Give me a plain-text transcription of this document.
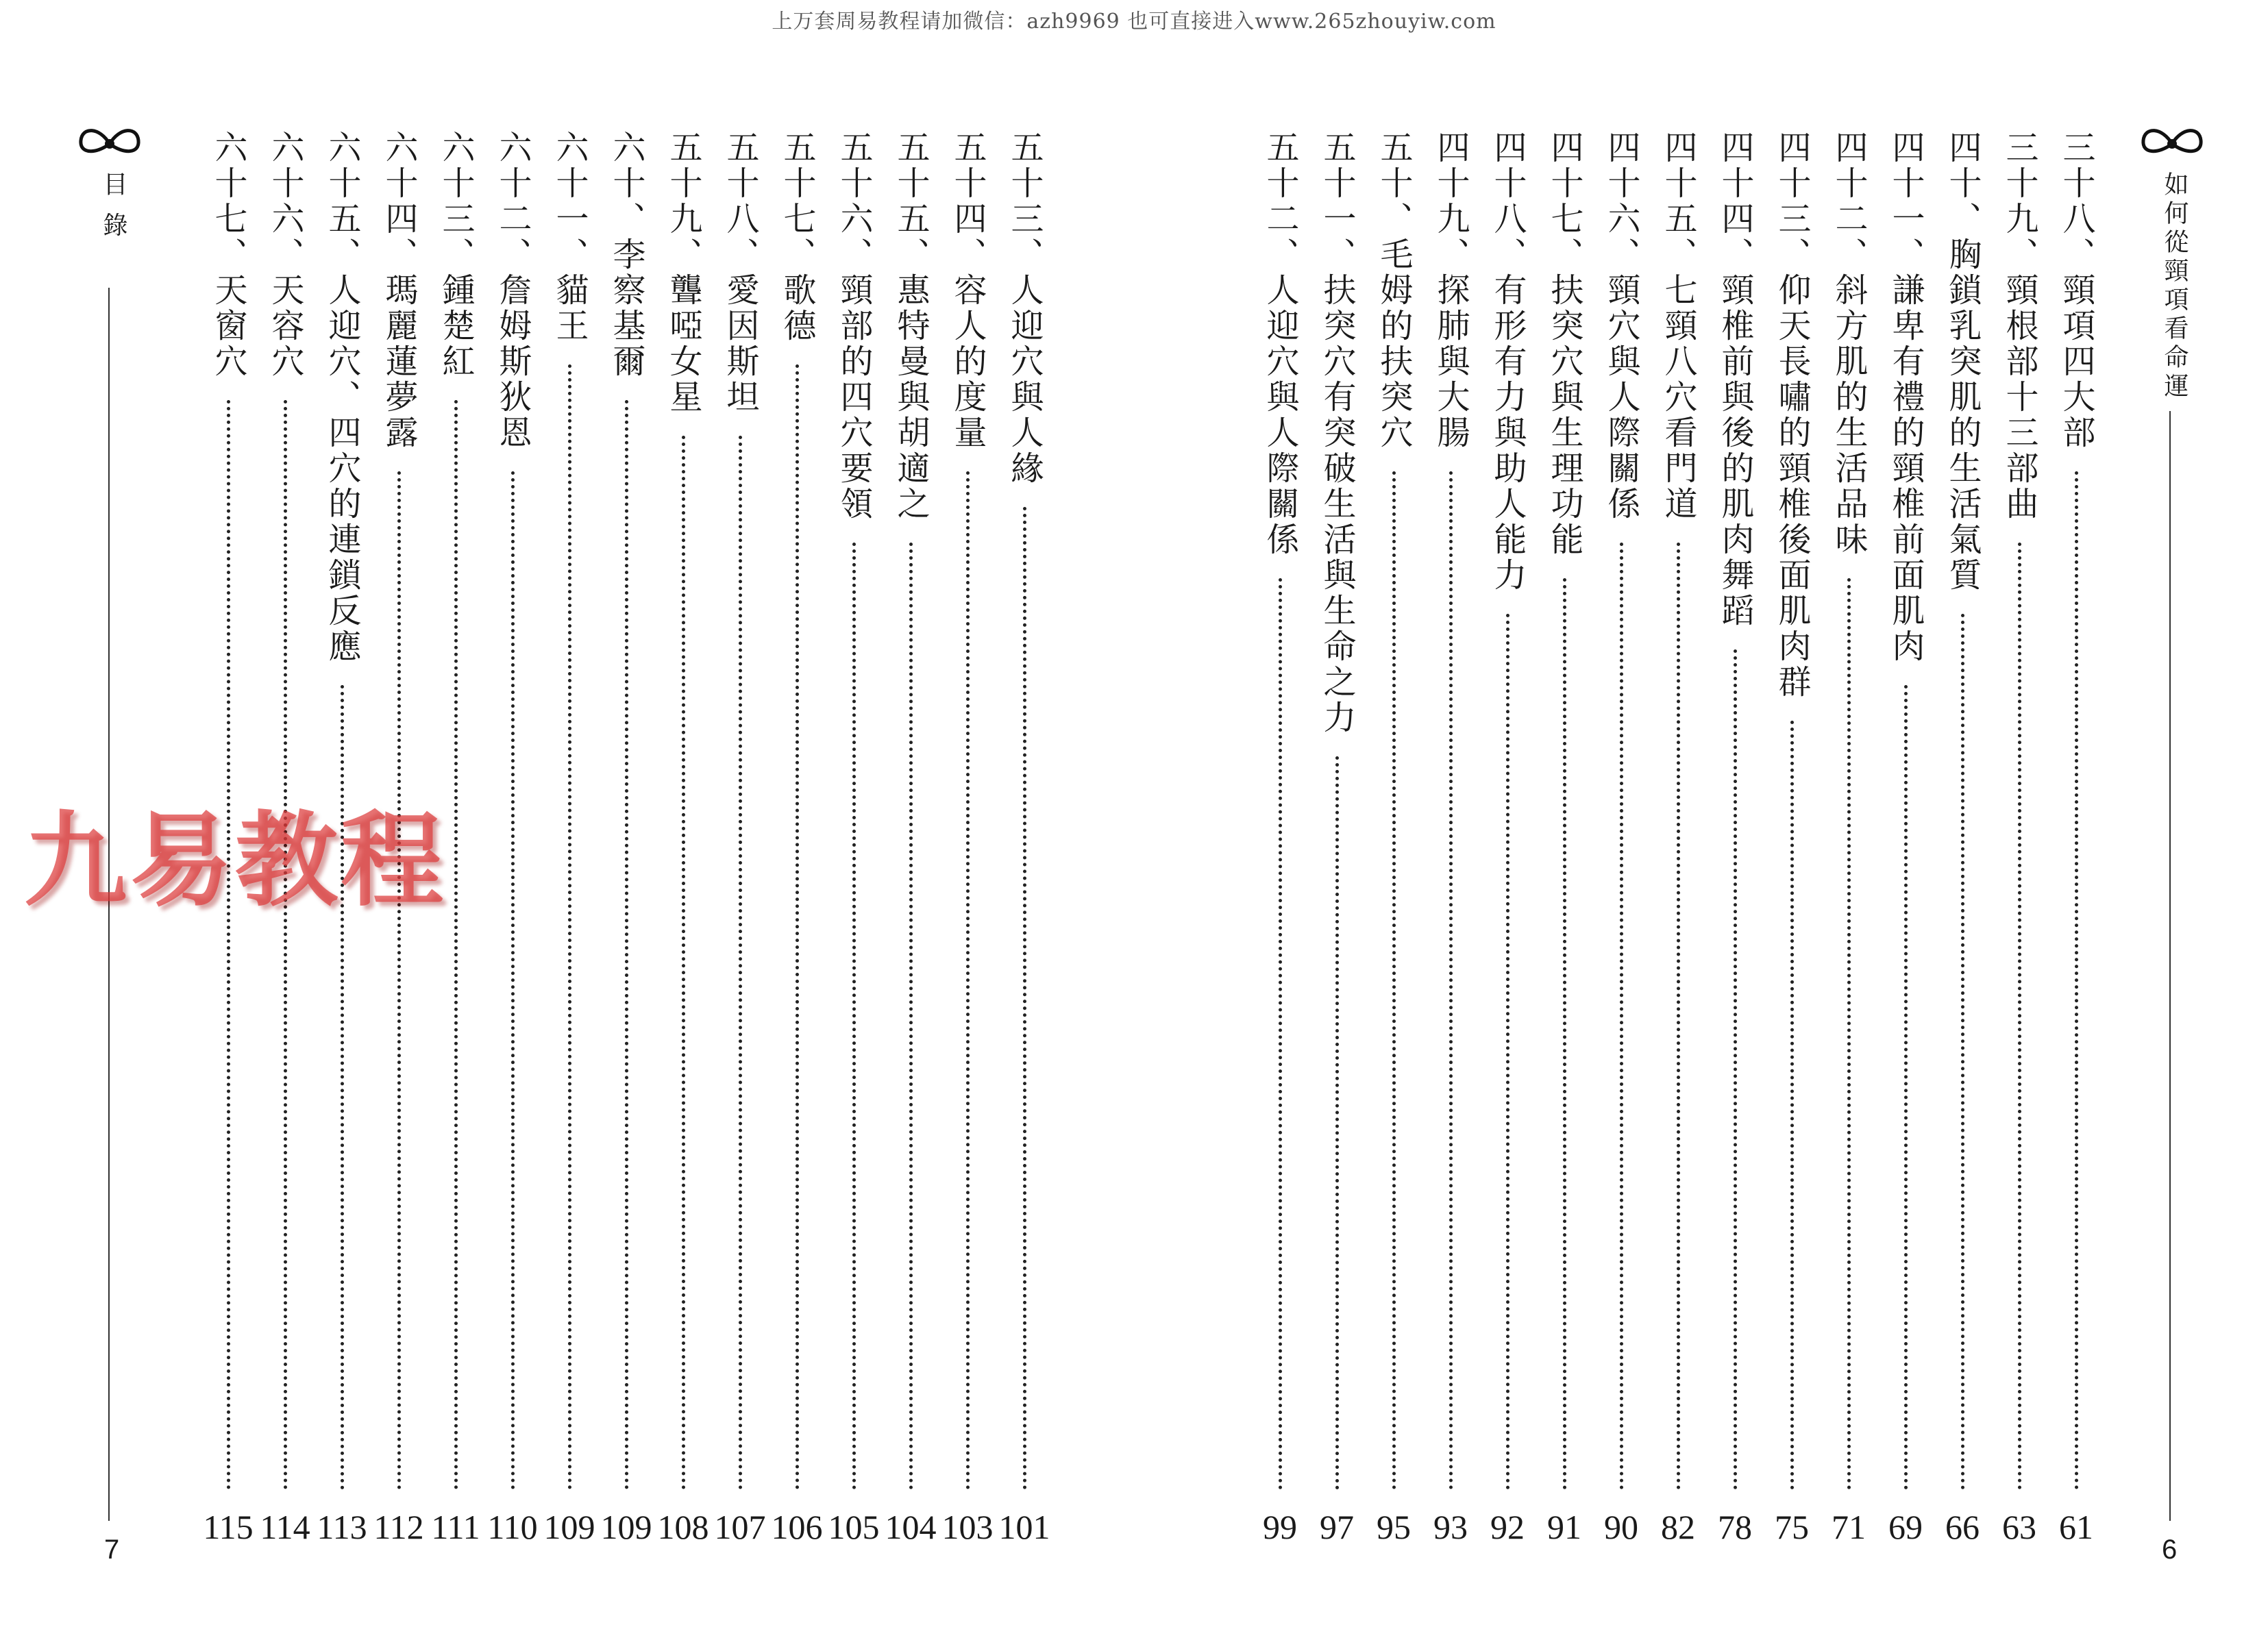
上万套周易教程请加微信：azh9969 也可直接进入www.265zhouyiw.com
目 錄
7
五十三、人迎穴與人緣
101
五十四、容人的度量
103
五十五、惠特曼與胡適之
104
五十六、頸部的四穴要領
105
五十七、歌德
106
五十八、愛因斯坦
107
五十九、聾啞女星
108
六十、李察基爾
109
六十一、貓王
109
六十二、詹姆斯狄恩
110
六十三、鍾楚紅
111
六十四、瑪麗蓮夢露
112
六十五、人迎穴、四穴的連鎖反應
113
六十六、天容穴
114
六十七、天窗穴
115
九易教程
如何從頸項看命運
6
三十八、頸項四大部
61
三十九、頸根部十三部曲
63
四十、胸鎖乳突肌的生活氣質
66
四十一、謙卑有禮的頸椎前面肌肉
69
四十二、斜方肌的生活品味
71
四十三、仰天長嘯的頸椎後面肌肉群
75
四十四、頸椎前與後的肌肉舞蹈
78
四十五、七頸八穴看門道
82
四十六、頸穴與人際關係
90
四十七、扶突穴與生理功能
91
四十八、有形有力與助人能力
92
四十九、探肺與大腸
93
五十、毛姆的扶突穴
95
五十一、扶突穴有突破生活與生命之力
97
五十二、人迎穴與人際關係
99
